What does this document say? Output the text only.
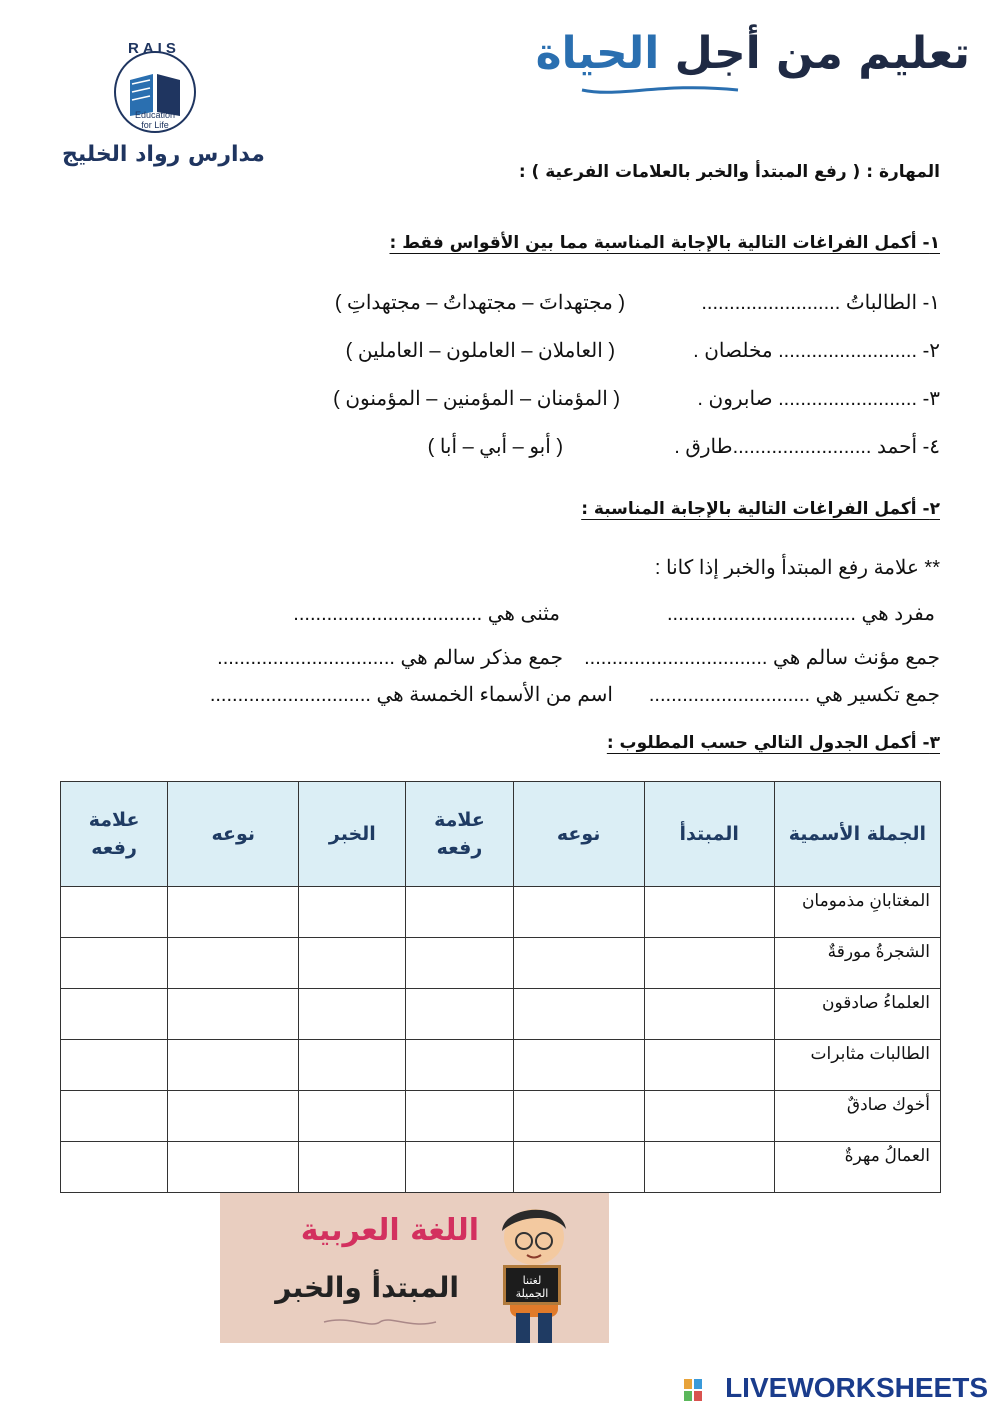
تعليم من أجل الحياة
RAIS
Education
for Life
مدارس رواد الخليج
المهارة : ( رفع المبتدأ والخبر بالعلامات الفرعية ) :
١- أكمل الفراغات التالية بالإجابة المناسبة مما بين الأقواس فقط :
١- الطالباتُ .........................
( مجتهداتَ – مجتهداتُ – مجتهداتِ )
٢- ......................... مخلصان .
( العاملان – العاملون – العاملين )
٣- ......................... صابرون .
( المؤمنان – المؤمنين – المؤمنون )
٤- أحمد .........................طارق .
( أبو – أبي – أبا )
٢- أكمل الفراغات التالية بالإجابة المناسبة :
** علامة رفع المبتدأ والخبر إذا كانا :
مفرد هي ..................................
مثنى هي ..................................
جمع مؤنث سالم هي .................................
جمع مذكر سالم هي ................................
جمع تكسير هي .............................
اسم من الأسماء الخمسة هي .............................
٣- أكمل الجدول التالي حسب المطلوب :
الجملة الأسمية	المبتدأ	نوعه	علامة رفعه	الخبر	نوعه	علامة رفعه
المغتابانِ مذمومان						
الشجرةُ مورقةٌ						
العلماءُ صادقون						
الطالبات مثابرات						
أخوك صادقٌ						
العمالُ مهرةٌ						
اللغة العربية
المبتدأ والخبر	لغتنا الجميلة
LIVEWORKSHEETS
